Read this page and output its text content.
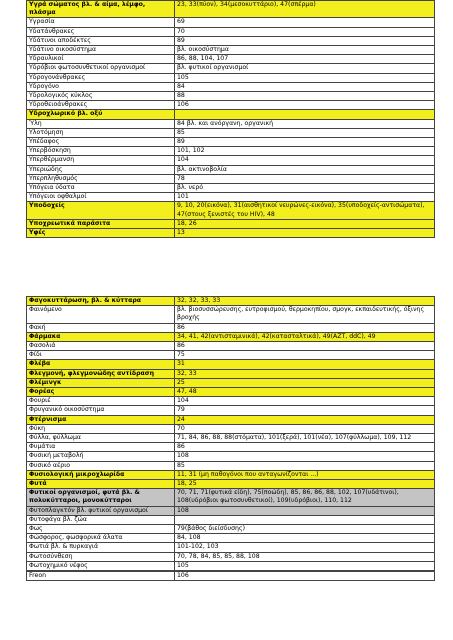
Υγρά σώματος βλ. & αίμα, λέμφο, πλάσμα	23, 33(πύον), 34(μεσοκυττάριο), 47(σπέρμα)
Υγρασία	69
Υδατάνθρακες	70
Υδάτινοι αποδέκτες	89
Υδάτινο οικοσύστημα	βλ. οικοσύστημα
Υδραυλικοί	86, 88, 104, 107
Υδρόβιοι φωτοσυνθετικοί οργανισμοί	βλ. φυτικοί οργανισμοί
Υδρογονάνθρακες	105
Υδρογόνο	84
Υδρολογικός κύκλος	88
Υδροθειοάνθρακες	106
Υδροχλωρικό βλ. οξύ	
Ύλη	84 βλ. και ανόργανη, οργανική
Υλοτόμηση	85
Υπέδαφος	89
Υπερβόσκηση	101, 102
Υπερθέρμανση	104
Υπεριώδης	βλ. ακτινοβολία
Υπερπληθυσμός	78
Υπόγεια ύδατα	βλ. νερό
Υπόγειοι οφθαλμοί	101
Υποδοχείς	9, 10, 20(εικόνα), 31(αισθητικοί νευρώνες-εικόνα), 35(υποδοχείς-αντισώματα), 47(στους ξενιστές του HIV), 48
Υποχρεωτικά παράσιτα	18, 26
Υφές	13
Φαγοκυττάρωση, βλ. & κύτταρα	32, 32, 33, 33
Φαινόμενο	βλ. βιοσυσσώρευσης, ευτροφισμού, θερμοκηπίου, σμογκ, εκπαιδευτικής, όξινης βροχής
Φακή	86
Φάρμακα	34, 41, 42(αντισταμινικά), 42(κατασταλτικά), 49(ΑΖΤ, ddC), 49
Φασολιά	86
Φίδι	75
Φλέβα	31
Φλεγμονή, φλεγμονώδης αντίδραση	32, 33
Φλέμινγκ	25
Φορέας	47, 48
Φουριέ	104
Φρυγανικό οικοσύστημα	79
Φτέρνισμα	24
Φύκη	70
Φύλλα, φύλλωμα	71, 84, 86, 88, 88(στόματα), 101(ξερά), 101(νέα), 107(φύλλωμα), 109, 112
Φυμάτια	86
Φυσική μεταβολή	108
Φυσικό αέριο	85
Φυσιολογική μικροχλωρίδα	11, 31 (μη παθογόνοι που ανταγωνίζονται ...)
Φυτά	18, 25
Φυτικοί οργανισμοί, φυτά βλ. & πολυκύτταροι, μονοκύτταροι	70, 71, 71(φυτικά είδη), 75(ποώδη), 85, 86, 86, 88, 102, 107(υδάτινοι), 108(υδρόβιοι φωτοσυνθετικοί), 109(υδρόβιοι), 110, 112
Φυτοπλαγκτόν βλ. φυτικοί οργανισμοί	108
Φυτοφάγα βλ. ζώα	
Φως	79(βάθος διείσδυσης)
Φώσφορος, φωσφορικά άλατα	84, 108
Φωτιά βλ. & πυρκαγιά	101-102, 103
Φωτοσύνθεση	70, 78, 84, 85, 85, 88, 108
Φωτοχημικό νέφος	105

Freon	106
